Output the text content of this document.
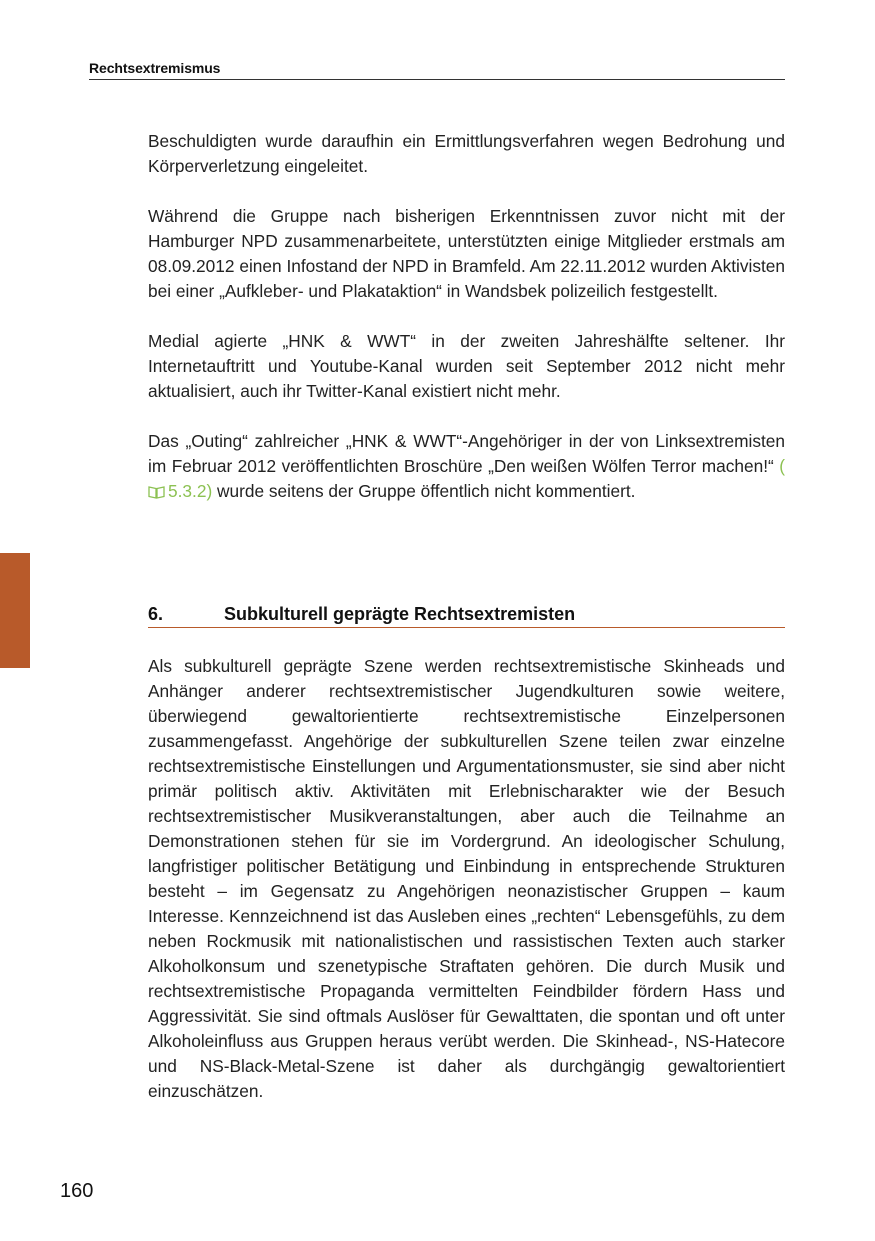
Rechtsextremismus

Beschuldigten wurde daraufhin ein Ermittlungsverfahren wegen Bedrohung und Körperverletzung eingeleitet.

Während die Gruppe nach bisherigen Erkenntnissen zuvor nicht mit der Hamburger NPD zusammenarbeitete, unterstützten einige Mitglieder erstmals am 08.09.2012 einen Infostand der NPD in Bramfeld. Am 22.11.2012 wurden Aktivisten bei einer „Aufkleber- und Plakataktion“ in Wandsbek polizeilich festgestellt.

Medial agierte „HNK & WWT“ in der zweiten Jahreshälfte seltener. Ihr Internetauftritt und Youtube-Kanal wurden seit September 2012 nicht mehr aktualisiert, auch ihr Twitter-Kanal existiert nicht mehr.

Das „Outing“ zahlreicher „HNK & WWT“-Angehöriger in der von Linksextremisten im Februar 2012 veröffentlichten Broschüre „Den weißen Wölfen Terror machen!“ (5.3.2) wurde seitens der Gruppe öffentlich nicht kommentiert.

6.	Subkulturell geprägte Rechtsextremisten

Als subkulturell geprägte Szene werden rechtsextremistische Skinheads und Anhänger anderer rechtsextremistischer Jugendkulturen sowie weitere, überwiegend gewaltorientierte rechtsextremistische Einzelpersonen zusammengefasst. Angehörige der subkulturellen Szene teilen zwar einzelne rechtsextremistische Einstellungen und Argumentationsmuster, sie sind aber nicht primär politisch aktiv. Aktivitäten mit Erlebnischarakter wie der Besuch rechtsextremistischer Musikveranstaltungen, aber auch die Teilnahme an Demonstrationen stehen für sie im Vordergrund. An ideologischer Schulung, langfristiger politischer Betätigung und Einbindung in entsprechende Strukturen besteht – im Gegensatz zu Angehörigen neonazistischer Gruppen – kaum Interesse. Kennzeichnend ist das Ausleben eines „rechten“ Lebensgefühls, zu dem neben Rockmusik mit nationalistischen und rassistischen Texten auch starker Alkoholkonsum und szenetypische Straftaten gehören. Die durch Musik und rechtsextremistische Propaganda vermittelten Feindbilder fördern Hass und Aggressivität. Sie sind oftmals Auslöser für Gewalttaten, die spontan und oft unter Alkoholeinfluss aus Gruppen heraus verübt werden. Die Skinhead-, NS-Hatecore und NS-Black-Metal-Szene ist daher als durchgängig gewaltorientiert einzuschätzen.

160
